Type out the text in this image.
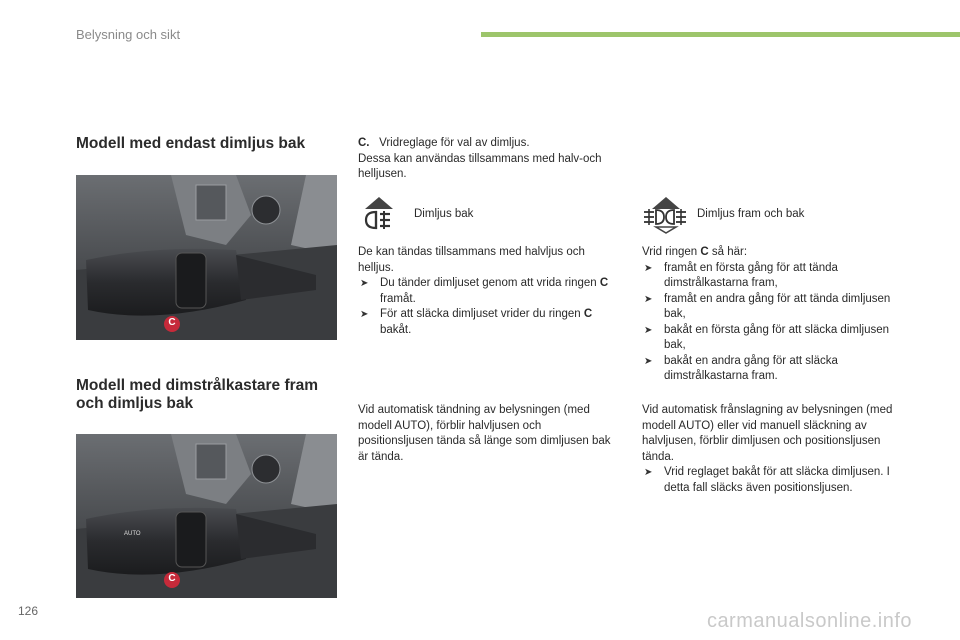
Belysning och sikt
Modell med endast dimljus bak
C
Modell med dimstrålkastare fram och dimljus bak
AUTO
C
C. Vridreglage för val av dimljus.
Dessa kan användas tillsammans med halv-och helljusen.
Dimljus bak
De kan tändas tillsammans med halvljus och helljus.
➤ Du tänder dimljuset genom att vrida ringen C framåt.
➤ För att släcka dimljuset vrider du ringen C bakåt.
Dimljus fram och bak
Vrid ringen C så här:
➤ framåt en första gång för att tända dimstrålkastarna fram,
➤ framåt en andra gång för att tända dimljusen bak,
➤ bakåt en första gång för att släcka dimljusen bak,
➤ bakåt en andra gång för att släcka dimstrålkastarna fram.
Vid automatisk tändning av belysningen (med modell AUTO), förblir halvljusen och positionsljusen tända så länge som dimljusen bak är tända.
Vid automatisk frånslagning av belysningen (med modell AUTO) eller vid manuell släckning av halvljusen, förblir dimljusen och positionsljusen tända.
➤ Vrid reglaget bakåt för att släcka dimljusen. I detta fall släcks även positionsljusen.
126	carmanualsonline.info
